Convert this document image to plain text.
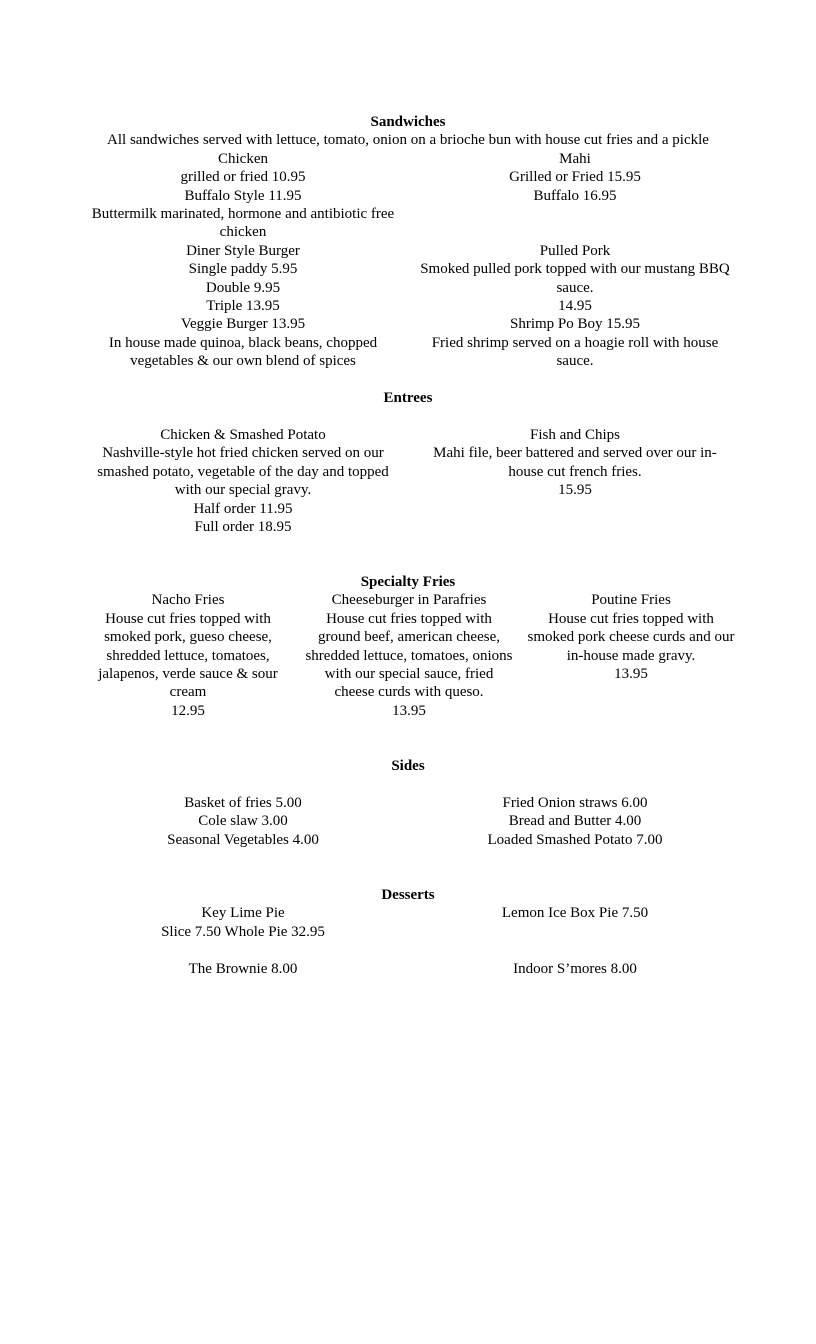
Sandwiches
All sandwiches served with lettuce, tomato, onion on a brioche bun with house cut fries and a pickle
Chicken
grilled or fried 10.95
Buffalo Style 11.95
Buttermilk marinated, hormone and antibiotic free
chicken
Diner Style Burger
Single paddy 5.95
Double 9.95
Triple 13.95
Veggie Burger 13.95
In house made quinoa, black beans, chopped
vegetables & our own blend of spices
Mahi
Grilled or Fried 15.95
Buffalo 16.95
Pulled Pork
Smoked pulled pork topped with our mustang BBQ
sauce.
14.95
Shrimp Po Boy 15.95
Fried shrimp served on a hoagie roll with house
sauce.
Entrees
Chicken & Smashed Potato
Nashville-style hot fried chicken served on our
smashed potato, vegetable of the day and topped
with our special gravy.
Half order 11.95
Full order 18.95
Fish and Chips
Mahi file, beer battered and served over our in-
house cut french fries.
15.95
Specialty Fries
Nacho Fries
House cut fries topped with
smoked pork, gueso cheese,
shredded lettuce, tomatoes,
jalapenos, verde sauce & sour
cream
12.95
Cheeseburger in Parafries
House cut fries topped with
ground beef, american cheese,
shredded lettuce, tomatoes, onions
with our special sauce, fried
cheese curds with queso.
13.95
Poutine Fries
House cut fries topped with
smoked pork cheese curds and our
in-house made gravy.
13.95
Sides
Basket of fries 5.00
Cole slaw 3.00
Seasonal Vegetables 4.00
Fried Onion straws 6.00
Bread and Butter 4.00
Loaded Smashed Potato 7.00
Desserts
Key Lime Pie
Slice 7.50 Whole Pie 32.95
The Brownie 8.00
Lemon Ice Box Pie 7.50
Indoor S’mores 8.00
